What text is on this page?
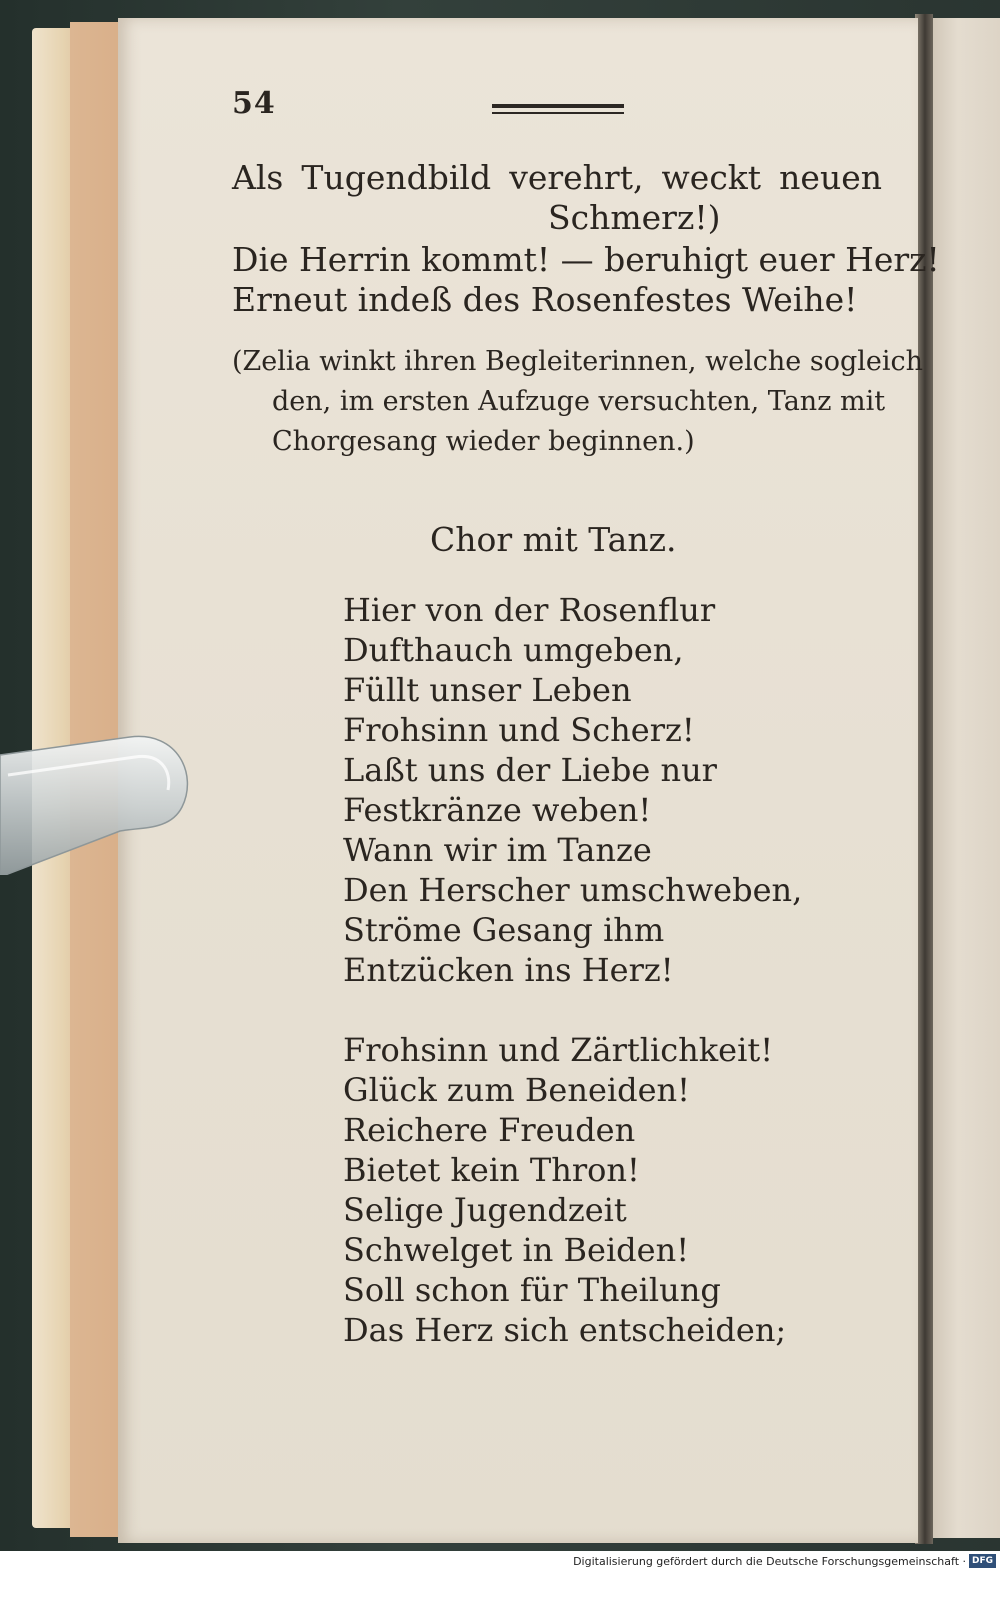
54
Als Tugendbild verehrt, weckt neuen
Schmerz!)
Die Herrin kommt! — beruhigt euer Herz!
Erneut indeß des Rosenfestes Weihe!
(Zelia winkt ihren Begleiterinnen, welche sogleich
den, im ersten Aufzuge versuchten, Tanz mit
Chorgesang wieder beginnen.)
Chor mit Tanz.
Hier von der Rosenflur
Dufthauch umgeben,
Füllt unser Leben
Frohsinn und Scherz!
Laßt uns der Liebe nur
Festkränze weben!
Wann wir im Tanze
Den Herscher umschweben,
Ströme Gesang ihm
Entzücken ins Herz!
Frohsinn und Zärtlichkeit!
Glück zum Beneiden!
Reichere Freuden
Bietet kein Thron!
Selige Jugendzeit
Schwelget in Beiden!
Soll schon für Theilung
Das Herz sich entscheiden;
Digitalisierung gefördert durch die Deutsche Forschungsgemeinschaft · DFG
